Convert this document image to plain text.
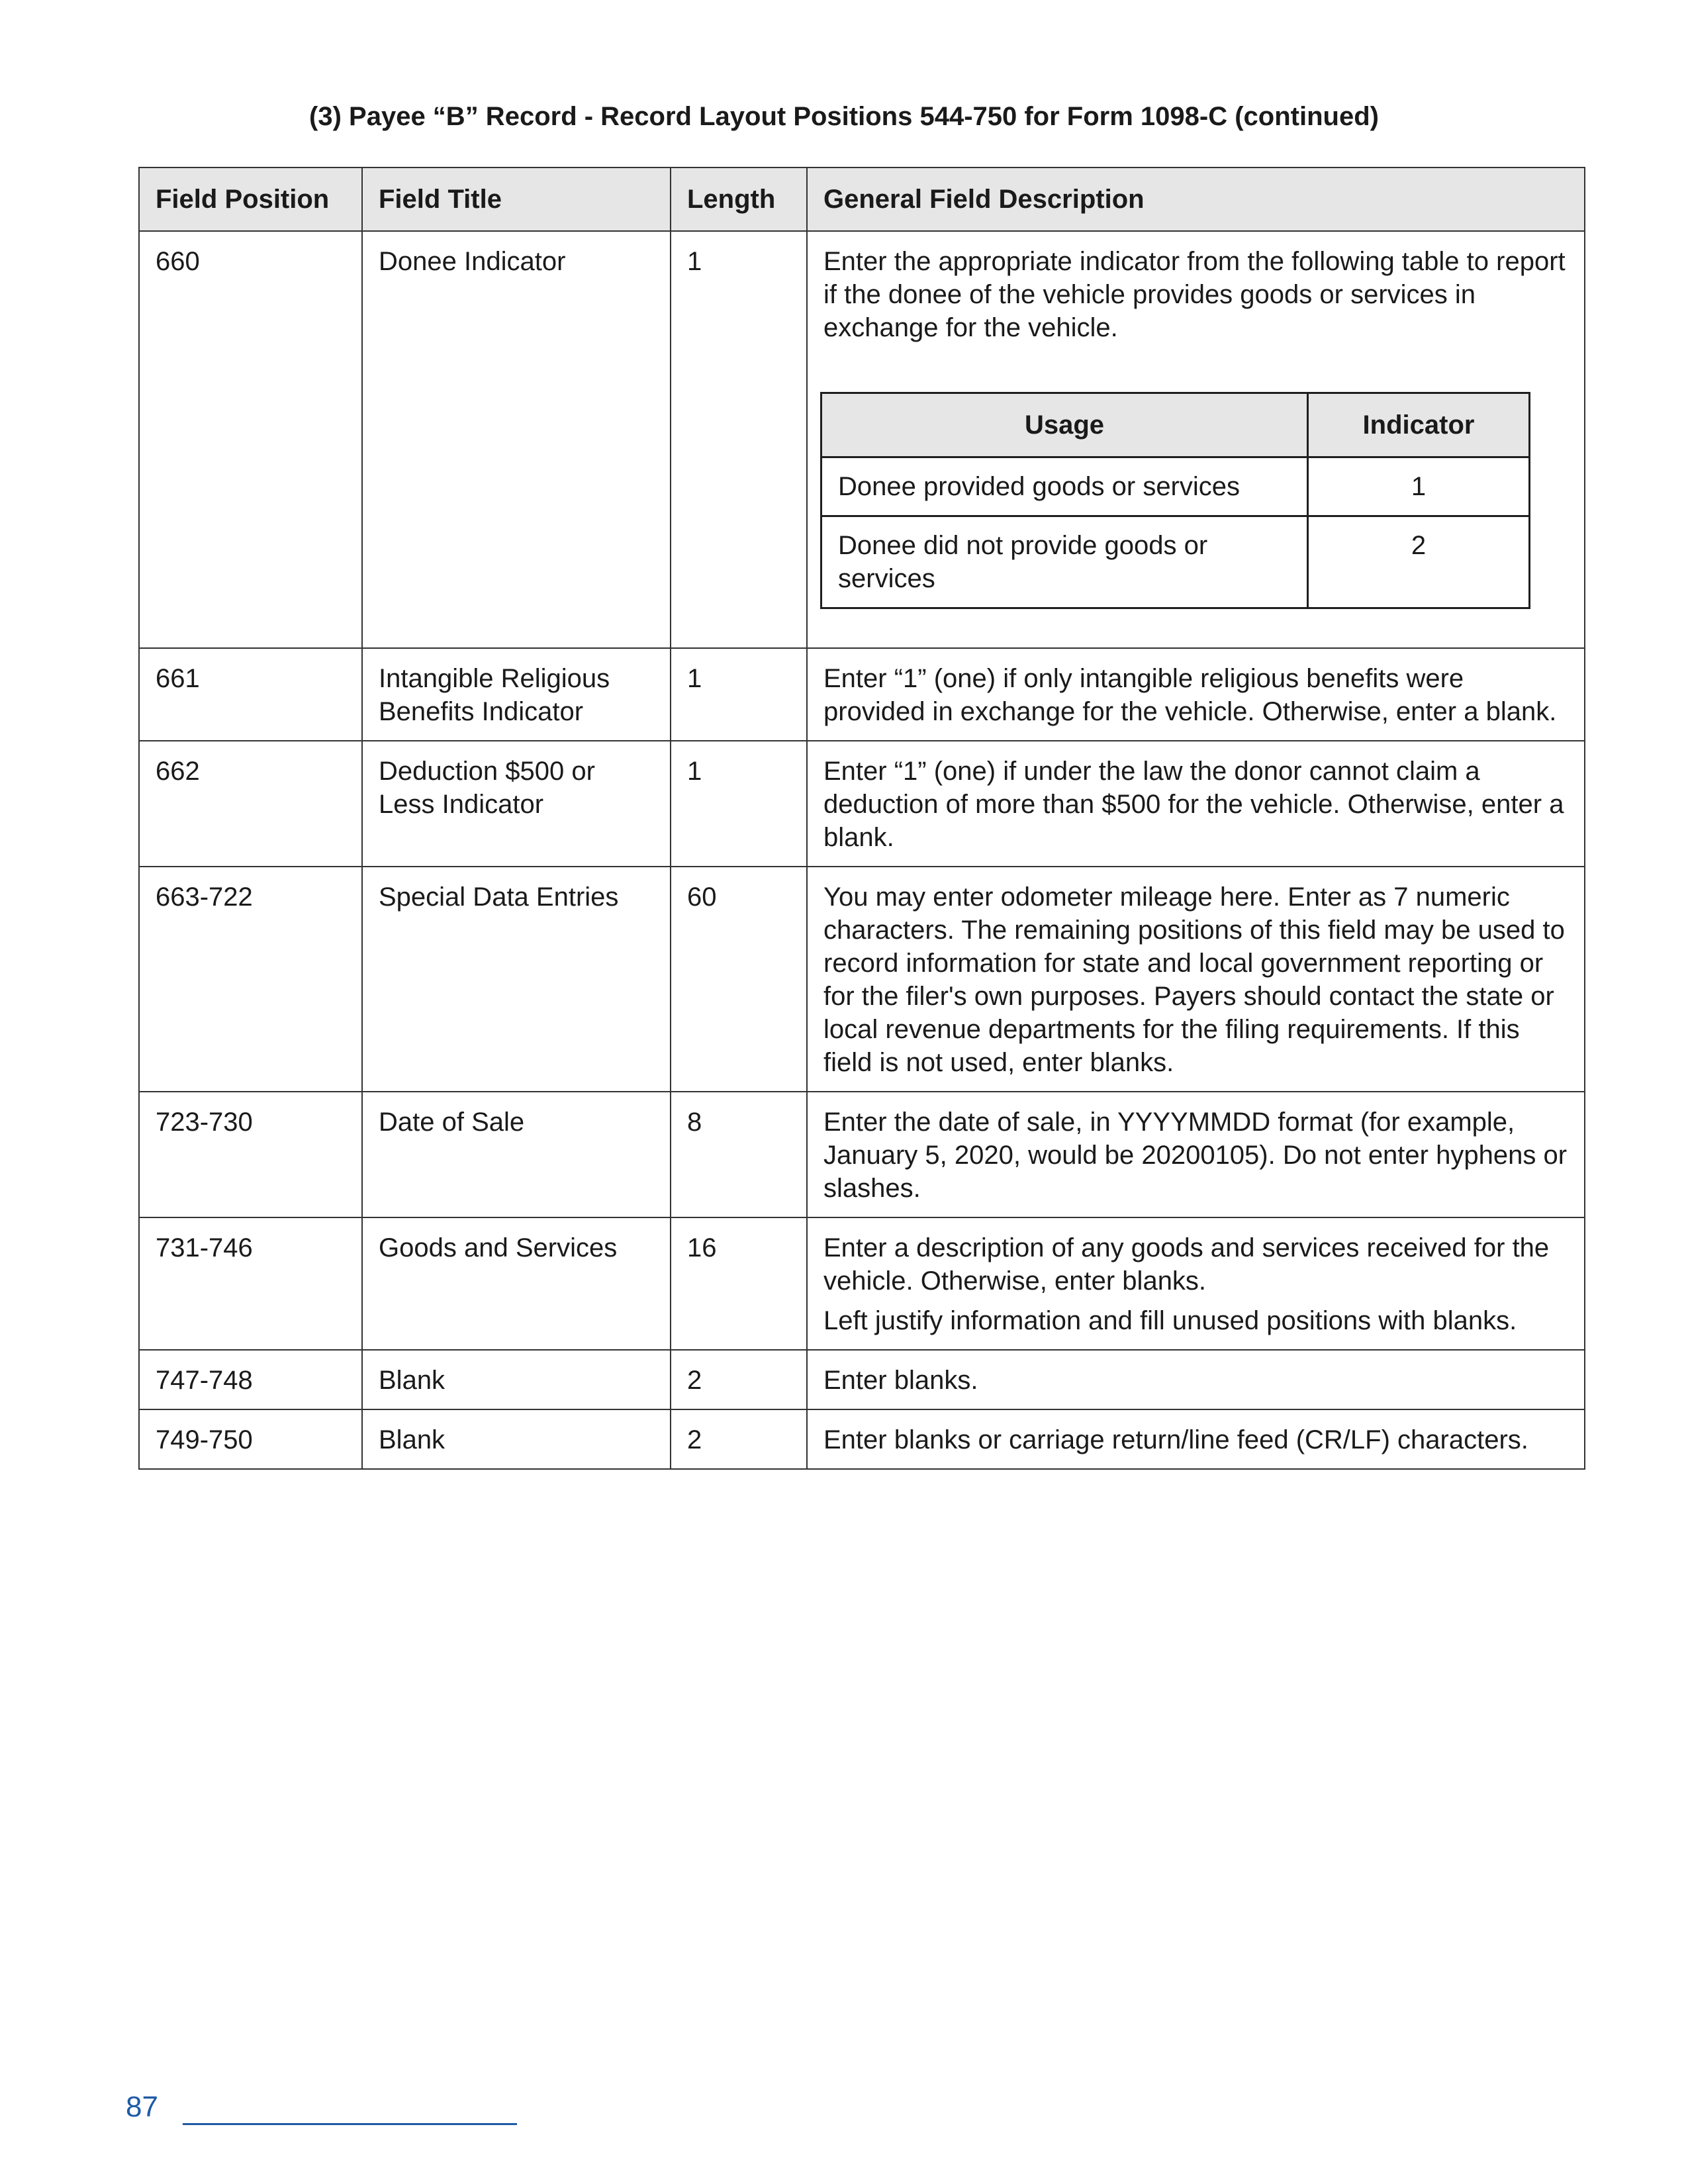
(3) Payee “B” Record ‐ Record Layout Positions 544-750 for Form 1098-C (continued)
Field Position	Field Title	Length	General Field Description
660	Donee Indicator	1	Enter the appropriate indicator from the following table to report if the donee of the vehicle provides goods or services in exchange for the vehicle.

Usage	Indicator
Donee provided goods or services	1
Donee did not provide goods or services	2

661	Intangible Religious Benefits Indicator	1	Enter “1” (one) if only intangible religious benefits were provided in exchange for the vehicle. Otherwise, enter a blank.

662	Deduction $500 or Less Indicator	1	Enter “1” (one) if under the law the donor cannot claim a deduction of more than $500 for the vehicle. Otherwise, enter a blank.

663-722	Special Data Entries	60	You may enter odometer mileage here. Enter as 7 numeric characters. The remaining positions of this field may be used to record information for state and local government reporting or for the filer's own purposes. Payers should contact the state or local revenue departments for the filing requirements. If this field is not used, enter blanks.

723-730	Date of Sale	8	Enter the date of sale, in YYYYMMDD format (for example, January 5, 2020, would be 20200105). Do not enter hyphens or slashes.

731-746	Goods and Services	16	Enter a description of any goods and services received for the vehicle. Otherwise, enter blanks.

Left justify information and fill unused positions with blanks.

747-748	Blank	2	Enter blanks.

749-750	Blank	2	Enter blanks or carriage return/line feed (CR/LF) characters.

87
